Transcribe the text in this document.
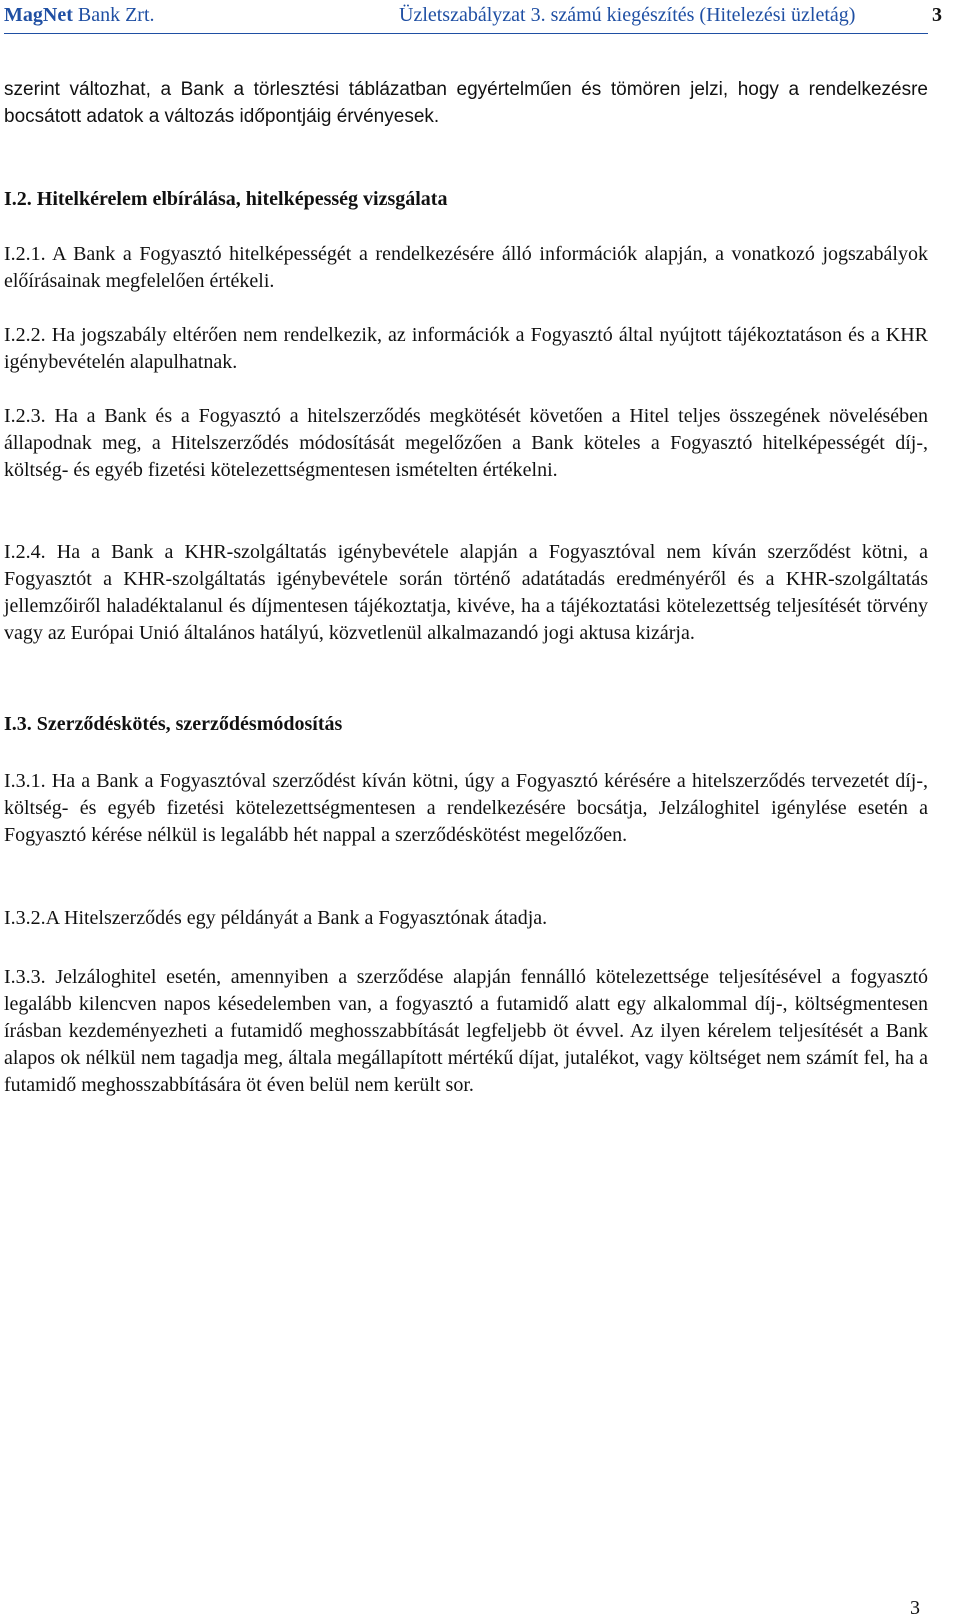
MagNet Bank Zrt.	Üzletszabályzat 3. számú kiegészítés (Hitelezési üzletág)	3

szerint változhat, a Bank a törlesztési táblázatban egyértelműen és tömören jelzi, hogy a rendelkezésre bocsátott adatok a változás időpontjáig érvényesek.

I.2. Hitelkérelem elbírálása, hitelképesség vizsgálata

I.2.1. A Bank a Fogyasztó hitelképességét a rendelkezésére álló információk alapján, a vonatkozó jogszabályok előírásainak megfelelően értékeli.

I.2.2. Ha jogszabály eltérően nem rendelkezik, az információk a Fogyasztó által nyújtott tájékoztatáson és a KHR igénybevételén alapulhatnak.

I.2.3. Ha a Bank és a Fogyasztó a hitelszerződés megkötését követően a Hitel teljes összegének növelésében állapodnak meg, a Hitelszerződés módosítását megelőzően a Bank köteles a Fogyasztó hitelképességét díj-, költség- és egyéb fizetési kötelezettségmentesen ismételten értékelni.

I.2.4. Ha a Bank a KHR-szolgáltatás igénybevétele alapján a Fogyasztóval nem kíván szerződést kötni, a Fogyasztót a KHR-szolgáltatás igénybevétele során történő adatátadás eredményéről és a KHR-szolgáltatás jellemzőiről haladéktalanul és díjmentesen tájékoztatja, kivéve, ha a tájékoztatási kötelezettség teljesítését törvény vagy az Európai Unió általános hatályú, közvetlenül alkalmazandó jogi aktusa kizárja.

I.3. Szerződéskötés, szerződésmódosítás

I.3.1. Ha a Bank a Fogyasztóval szerződést kíván kötni, úgy a Fogyasztó kérésére a hitelszerződés tervezetét díj-, költség- és egyéb fizetési kötelezettségmentesen a rendelkezésére bocsátja, Jelzáloghitel igénylése esetén a Fogyasztó kérése nélkül is legalább hét nappal a szerződéskötést megelőzően.

I.3.2.A Hitelszerződés egy példányát a Bank a Fogyasztónak átadja.

I.3.3. Jelzáloghitel esetén, amennyiben a szerződése alapján fennálló kötelezettsége teljesítésével a fogyasztó legalább kilencven napos késedelemben van, a fogyasztó a futamidő alatt egy alkalommal díj-, költségmentesen írásban kezdeményezheti a futamidő meghosszabbítását legfeljebb öt évvel. Az ilyen kérelem teljesítését a Bank alapos ok nélkül nem tagadja meg, általa megállapított mértékű díjat, jutalékot, vagy költséget nem számít fel, ha a futamidő meghosszabbítására öt éven belül nem került sor.

3
